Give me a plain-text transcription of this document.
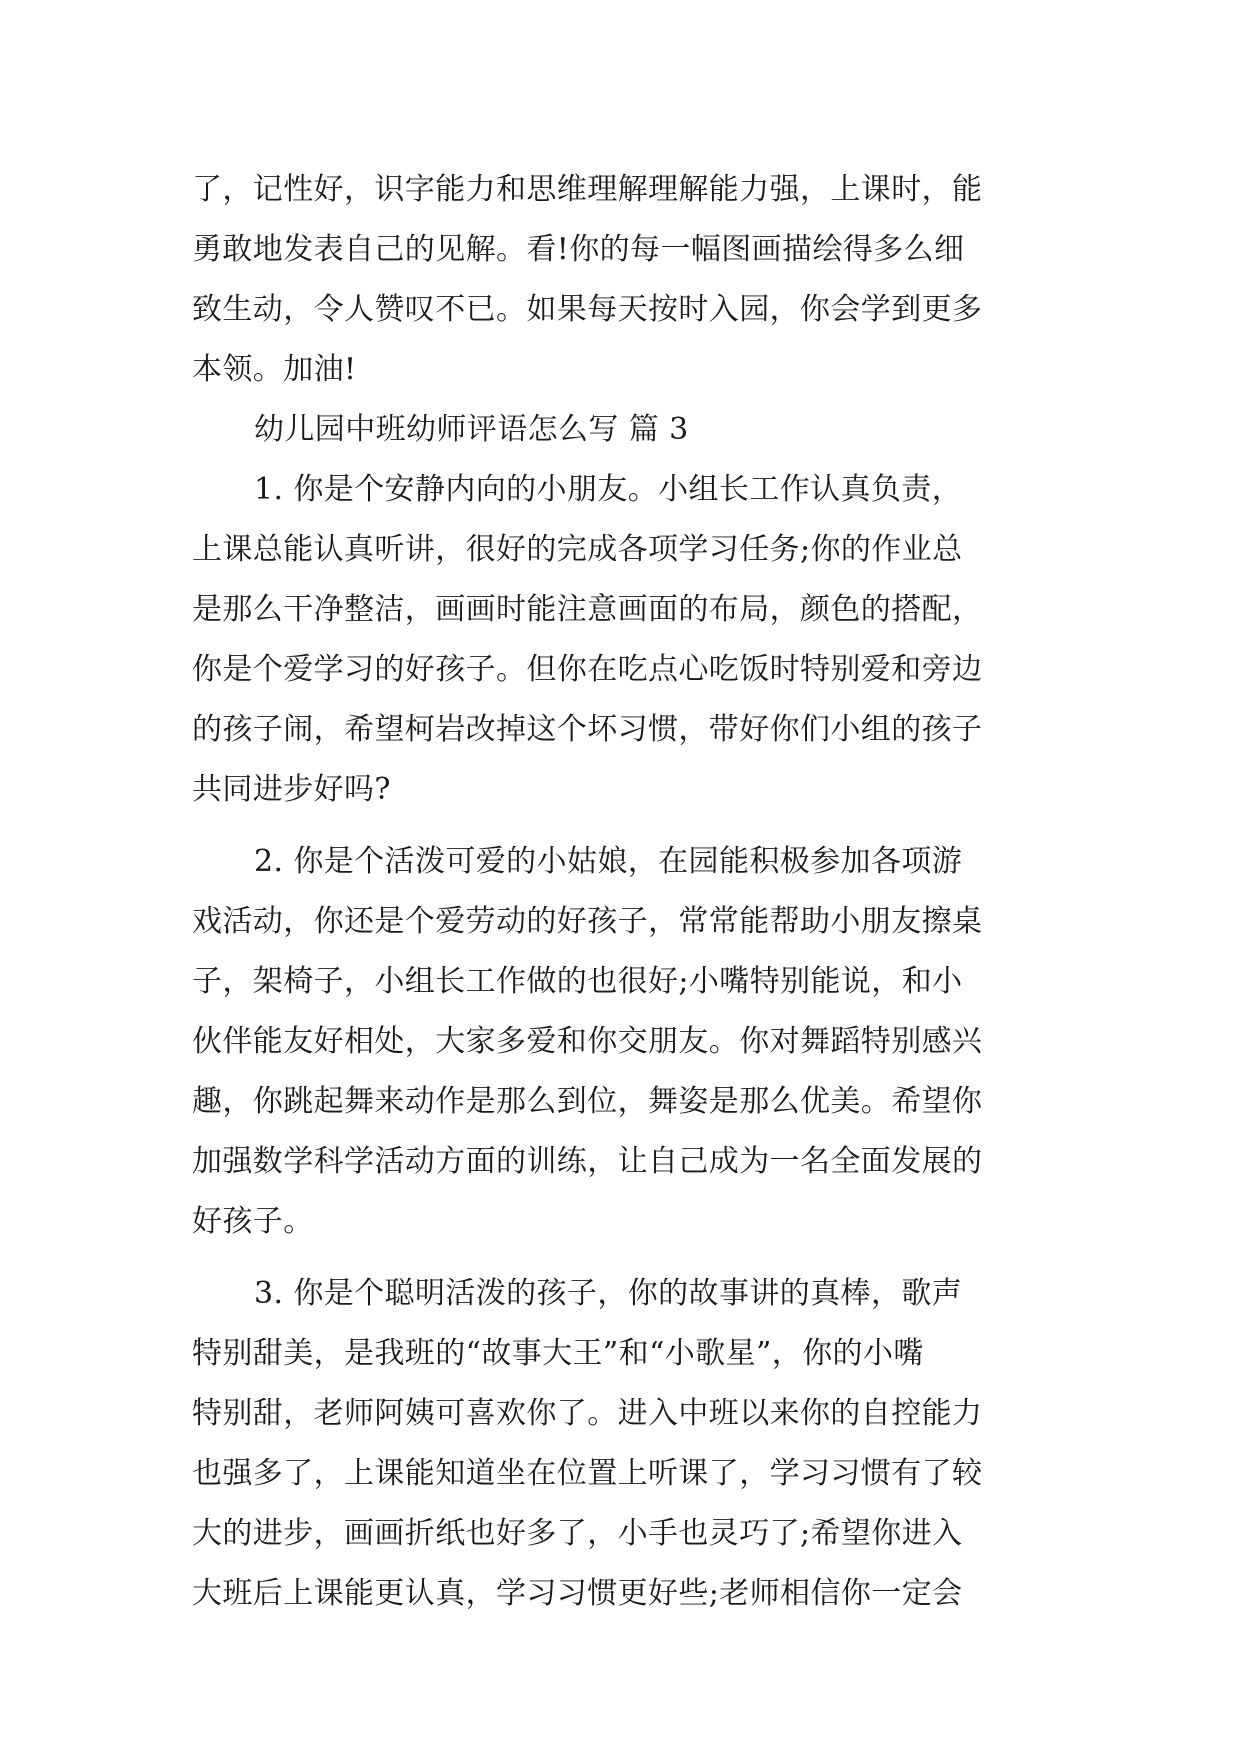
了，记性好，识字能力和思维理解理解能力强，上课时，能
勇敢地发表自己的见解。看!你的每一幅图画描绘得多么细
致生动，令人赞叹不已。如果每天按时入园，你会学到更多
本领。加油!
幼儿园中班幼师评语怎么写 篇 3
1. 你是个安静内向的小朋友。小组长工作认真负责，
上课总能认真听讲，很好的完成各项学习任务;你的作业总
是那么干净整洁，画画时能注意画面的布局，颜色的搭配，
你是个爱学习的好孩子。但你在吃点心吃饭时特别爱和旁边
的孩子闹，希望柯岩改掉这个坏习惯，带好你们小组的孩子
共同进步好吗?
2. 你是个活泼可爱的小姑娘，在园能积极参加各项游
戏活动，你还是个爱劳动的好孩子，常常能帮助小朋友擦桌
子，架椅子，小组长工作做的也很好;小嘴特别能说，和小
伙伴能友好相处，大家多爱和你交朋友。你对舞蹈特别感兴
趣，你跳起舞来动作是那么到位，舞姿是那么优美。希望你
加强数学科学活动方面的训练，让自己成为一名全面发展的
好孩子。
3. 你是个聪明活泼的孩子，你的故事讲的真棒，歌声
特别甜美，是我班的“故事大王”和“小歌星”，你的小嘴
特别甜，老师阿姨可喜欢你了。进入中班以来你的自控能力
也强多了，上课能知道坐在位置上听课了，学习习惯有了较
大的进步，画画折纸也好多了，小手也灵巧了;希望你进入
大班后上课能更认真，学习习惯更好些;老师相信你一定会
